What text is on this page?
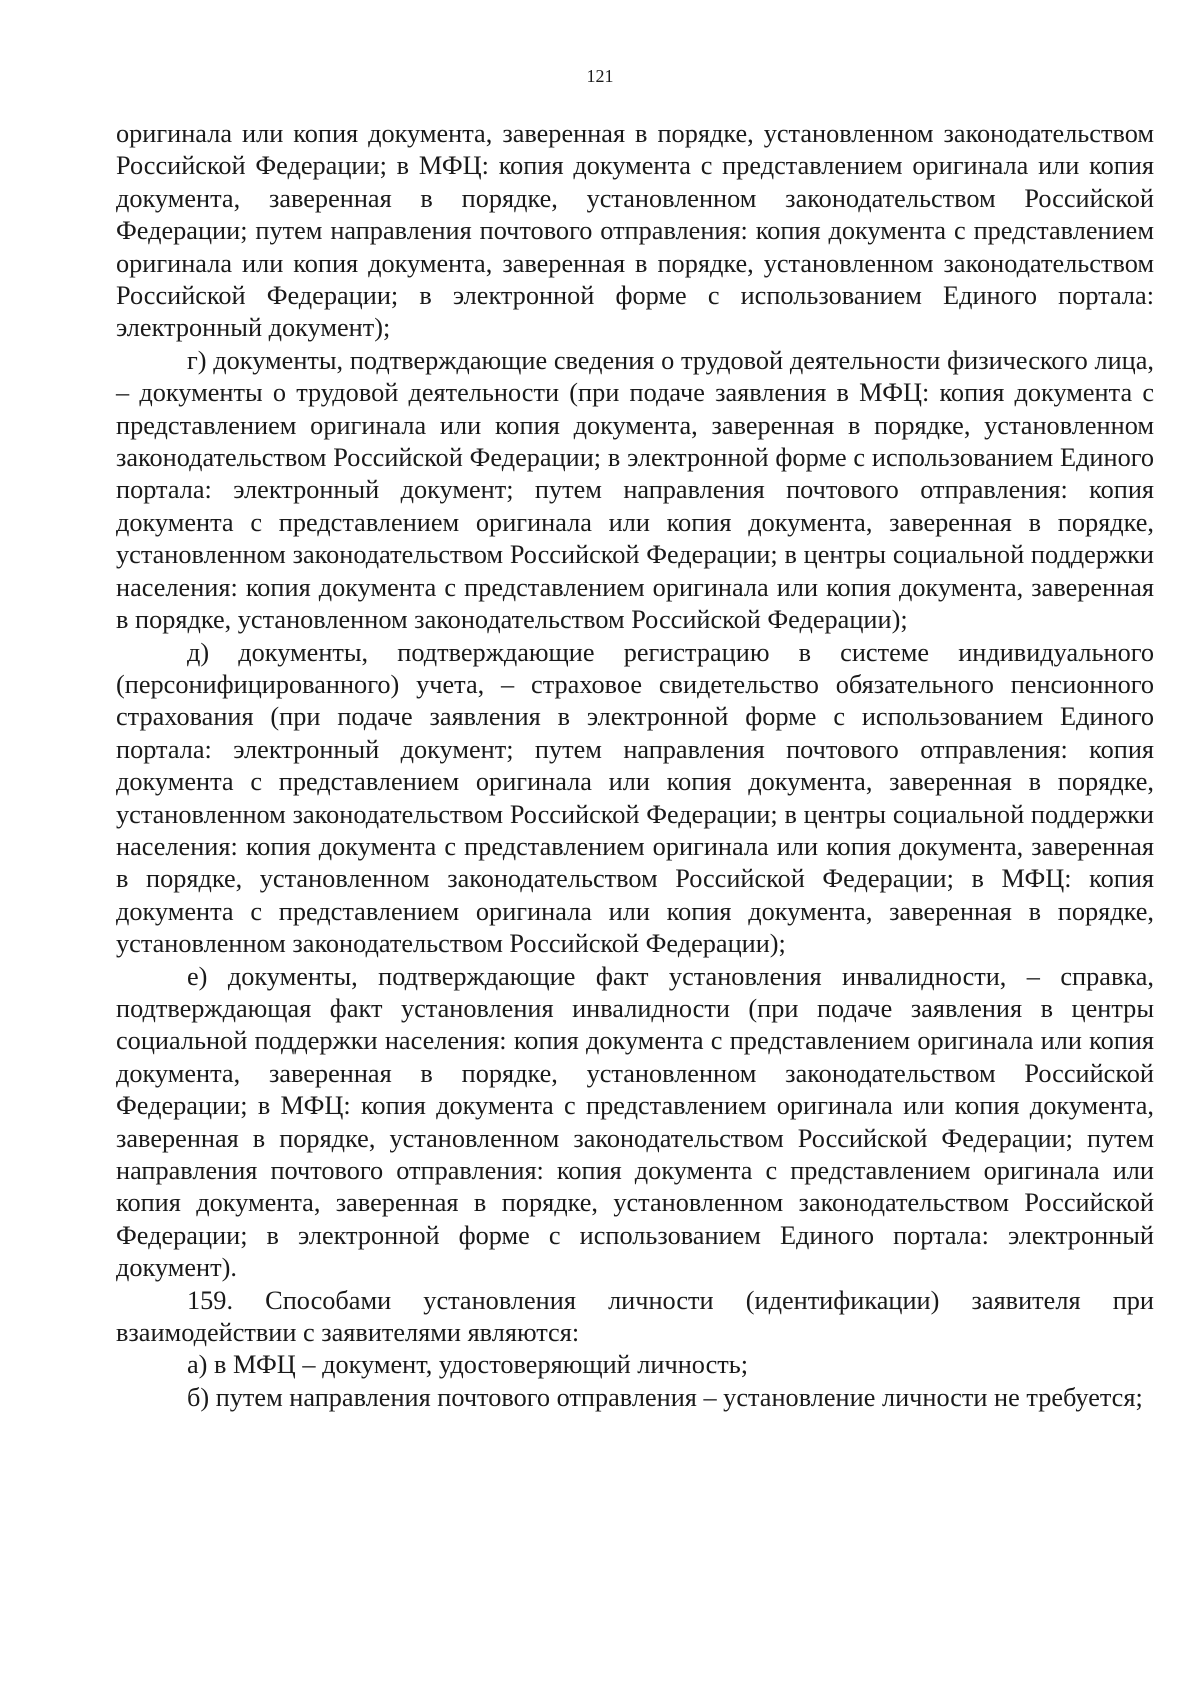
121

оригинала или копия документа, заверенная в порядке, установленном законодательством Российской Федерации; в МФЦ: копия документа с представлением оригинала или копия документа, заверенная в порядке, установленном законодательством Российской Федерации; путем направления почтового отправления: копия документа с представлением оригинала или копия документа, заверенная в порядке, установленном законодательством Российской Федерации; в электронной форме с использованием Единого портала: электронный документ);

г) документы, подтверждающие сведения о трудовой деятельности физического лица, – документы о трудовой деятельности (при подаче заявления в МФЦ: копия документа с представлением оригинала или копия документа, заверенная в порядке, установленном законодательством Российской Федерации; в электронной форме с использованием Единого портала: электронный документ; путем направления почтового отправления: копия документа с представлением оригинала или копия документа, заверенная в порядке, установленном законодательством Российской Федерации; в центры социальной поддержки населения: копия документа с представлением оригинала или копия документа, заверенная в порядке, установленном законодательством Российской Федерации);

д) документы, подтверждающие регистрацию в системе индивидуального (персонифицированного) учета, – страховое свидетельство обязательного пенсионного страхования (при подаче заявления в электронной форме с использованием Единого портала: электронный документ; путем направления почтового отправления: копия документа с представлением оригинала или копия документа, заверенная в порядке, установленном законодательством Российской Федерации; в центры социальной поддержки населения: копия документа с представлением оригинала или копия документа, заверенная в порядке, установленном законодательством Российской Федерации; в МФЦ: копия документа с представлением оригинала или копия документа, заверенная в порядке, установленном законодательством Российской Федерации);

е) документы, подтверждающие факт установления инвалидности, – справка, подтверждающая факт установления инвалидности (при подаче заявления в центры социальной поддержки населения: копия документа с представлением оригинала или копия документа, заверенная в порядке, установленном законодательством Российской Федерации; в МФЦ: копия документа с представлением оригинала или копия документа, заверенная в порядке, установленном законодательством Российской Федерации; путем направления почтового отправления: копия документа с представлением оригинала или копия документа, заверенная в порядке, установленном законодательством Российской Федерации; в электронной форме с использованием Единого портала: электронный документ).

159. Способами установления личности (идентификации) заявителя при взаимодействии с заявителями являются:

а) в МФЦ – документ, удостоверяющий личность;

б) путем направления почтового отправления – установление личности не требуется;
